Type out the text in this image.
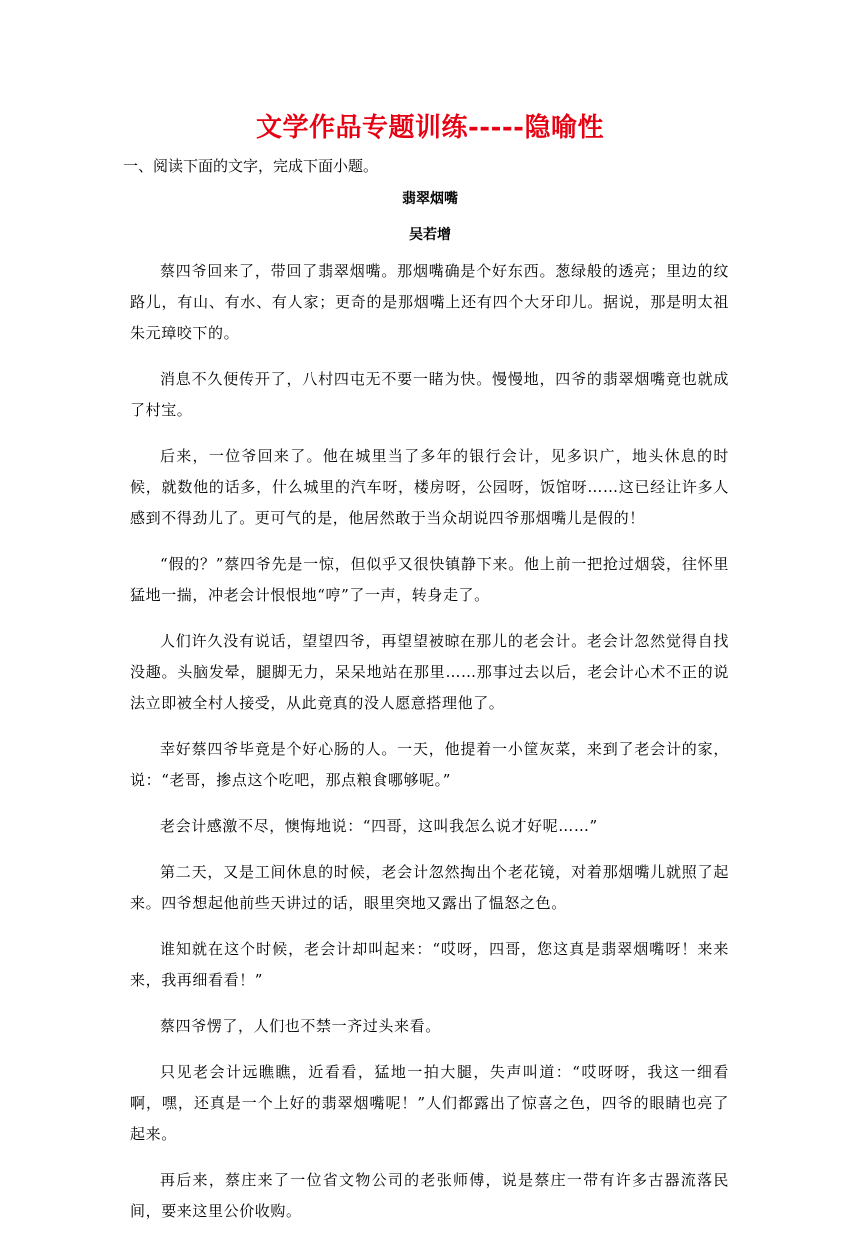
文学作品专题训练-----隐喻性
一、阅读下面的文字，完成下面小题。
翡翠烟嘴
吴若增

蔡四爷回来了，带回了翡翠烟嘴。那烟嘴确是个好东西。葱绿般的透亮；里边的纹路儿，有山、有水、有人家；更奇的是那烟嘴上还有四个大牙印儿。据说，那是明太祖朱元璋咬下的。

消息不久便传开了，八村四屯无不要一睹为快。慢慢地，四爷的翡翠烟嘴竟也就成了村宝。

后来，一位爷回来了。他在城里当了多年的银行会计，见多识广，地头休息的时候，就数他的话多，什么城里的汽车呀，楼房呀，公园呀，饭馆呀……这已经让许多人感到不得劲儿了。更可气的是，他居然敢于当众胡说四爷那烟嘴儿是假的！

“假的？”蔡四爷先是一惊，但似乎又很快镇静下来。他上前一把抢过烟袋，往怀里猛地一揣，冲老会计恨恨地“哼”了一声，转身走了。

人们许久没有说话，望望四爷，再望望被晾在那儿的老会计。老会计忽然觉得自找没趣。头脑发晕，腿脚无力，呆呆地站在那里……那事过去以后，老会计心术不正的说法立即被全村人接受，从此竟真的没人愿意搭理他了。

幸好蔡四爷毕竟是个好心肠的人。一天，他提着一小筐灰菜，来到了老会计的家，说：“老哥，掺点这个吃吧，那点粮食哪够呢。”

老会计感激不尽，懊悔地说：“四哥，这叫我怎么说才好呢……”

第二天，又是工间休息的时候，老会计忽然掏出个老花镜，对着那烟嘴儿就照了起来。四爷想起他前些天讲过的话，眼里突地又露出了愠怒之色。

谁知就在这个时候，老会计却叫起来：“哎呀，四哥，您这真是翡翠烟嘴呀！来来来，我再细看看！”

蔡四爷愣了，人们也不禁一齐过头来看。

只见老会计远瞧瞧，近看看，猛地一拍大腿，失声叫道：“哎呀呀，我这一细看啊，嘿，还真是一个上好的翡翠烟嘴呢！”人们都露出了惊喜之色，四爷的眼睛也亮了起来。

再后来，蔡庄来了一位省文物公司的老张师傅，说是蔡庄一带有许多古器流落民间，要来这里公价收购。
